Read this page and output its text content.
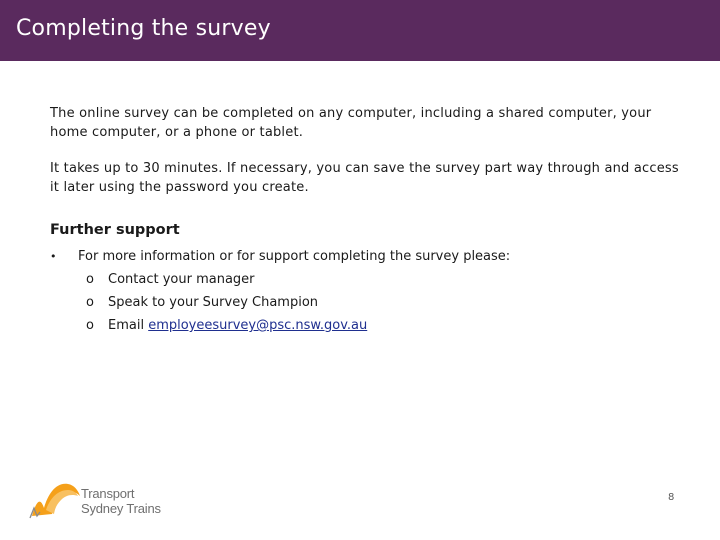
Completing the survey
The online survey can be completed on any computer, including a shared computer, your home computer, or a phone or tablet.
It takes up to 30 minutes. If necessary, you can save the survey part way through and access it later using the password you create.
Further support
• For more information or for support completing the survey please:
o Contact your manager
o Speak to your Survey Champion
o Email employeesurvey@psc.nsw.gov.au
Transport
Sydney Trains
8
